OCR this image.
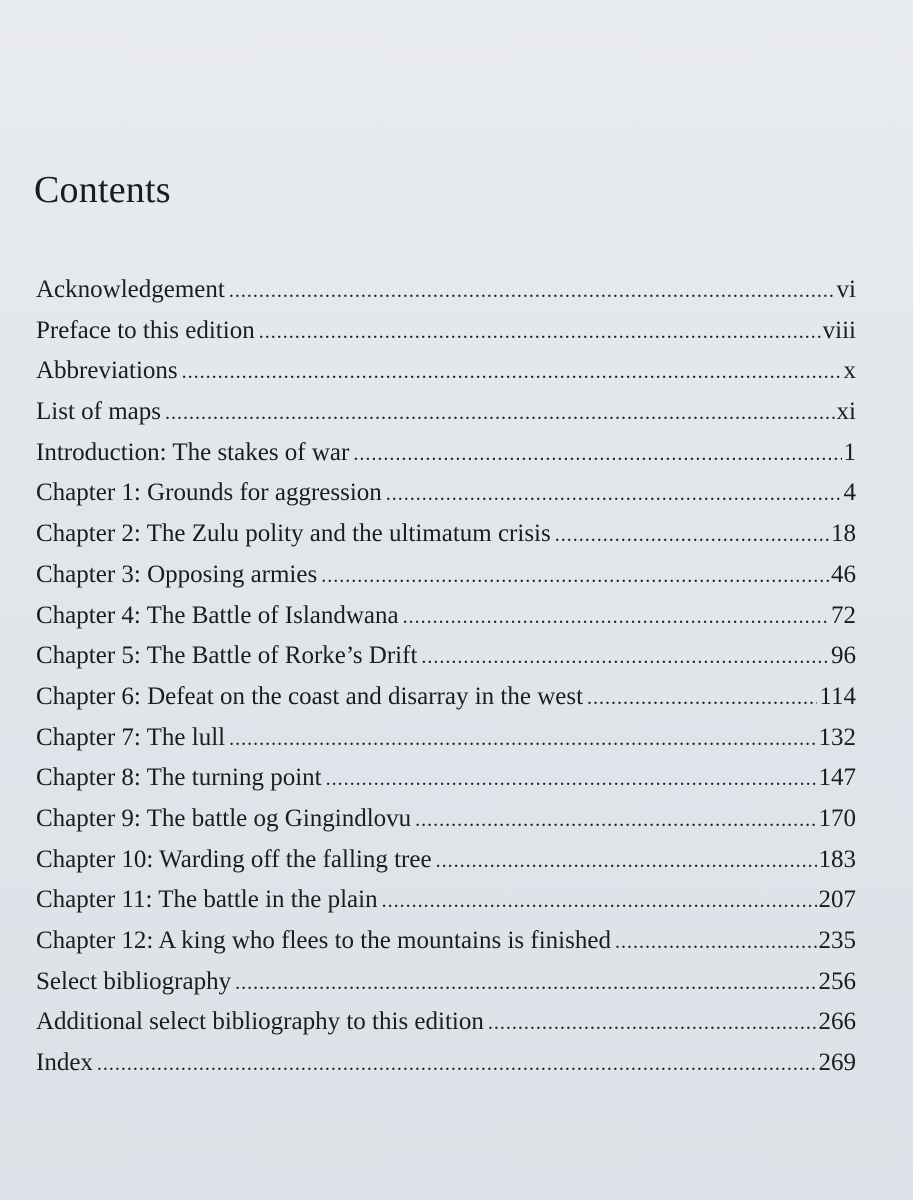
Contents
Acknowledgement .....	vi
Preface to this edition .....	viii
Abbreviations .....	x
List of maps .....	xi
Introduction: The stakes of war .....	1
Chapter 1: Grounds for aggression .....	4
Chapter 2: The Zulu polity and the ultimatum crisis .....	18
Chapter 3: Opposing armies .....	46
Chapter 4: The Battle of Islandwana .....	72
Chapter 5: The Battle of Rorke’s Drift .....	96
Chapter 6: Defeat on the coast and disarray in the west .....	114
Chapter 7: The lull .....	132
Chapter 8: The turning point .....	147
Chapter 9: The battle og Gingindlovu .....	170
Chapter 10: Warding off the falling tree .....	183
Chapter 11: The battle in the plain .....	207
Chapter 12: A king who flees to the mountains is finished .....	235
Select bibliography .....	256
Additional select bibliography to this edition .....	266
Index .....	269
